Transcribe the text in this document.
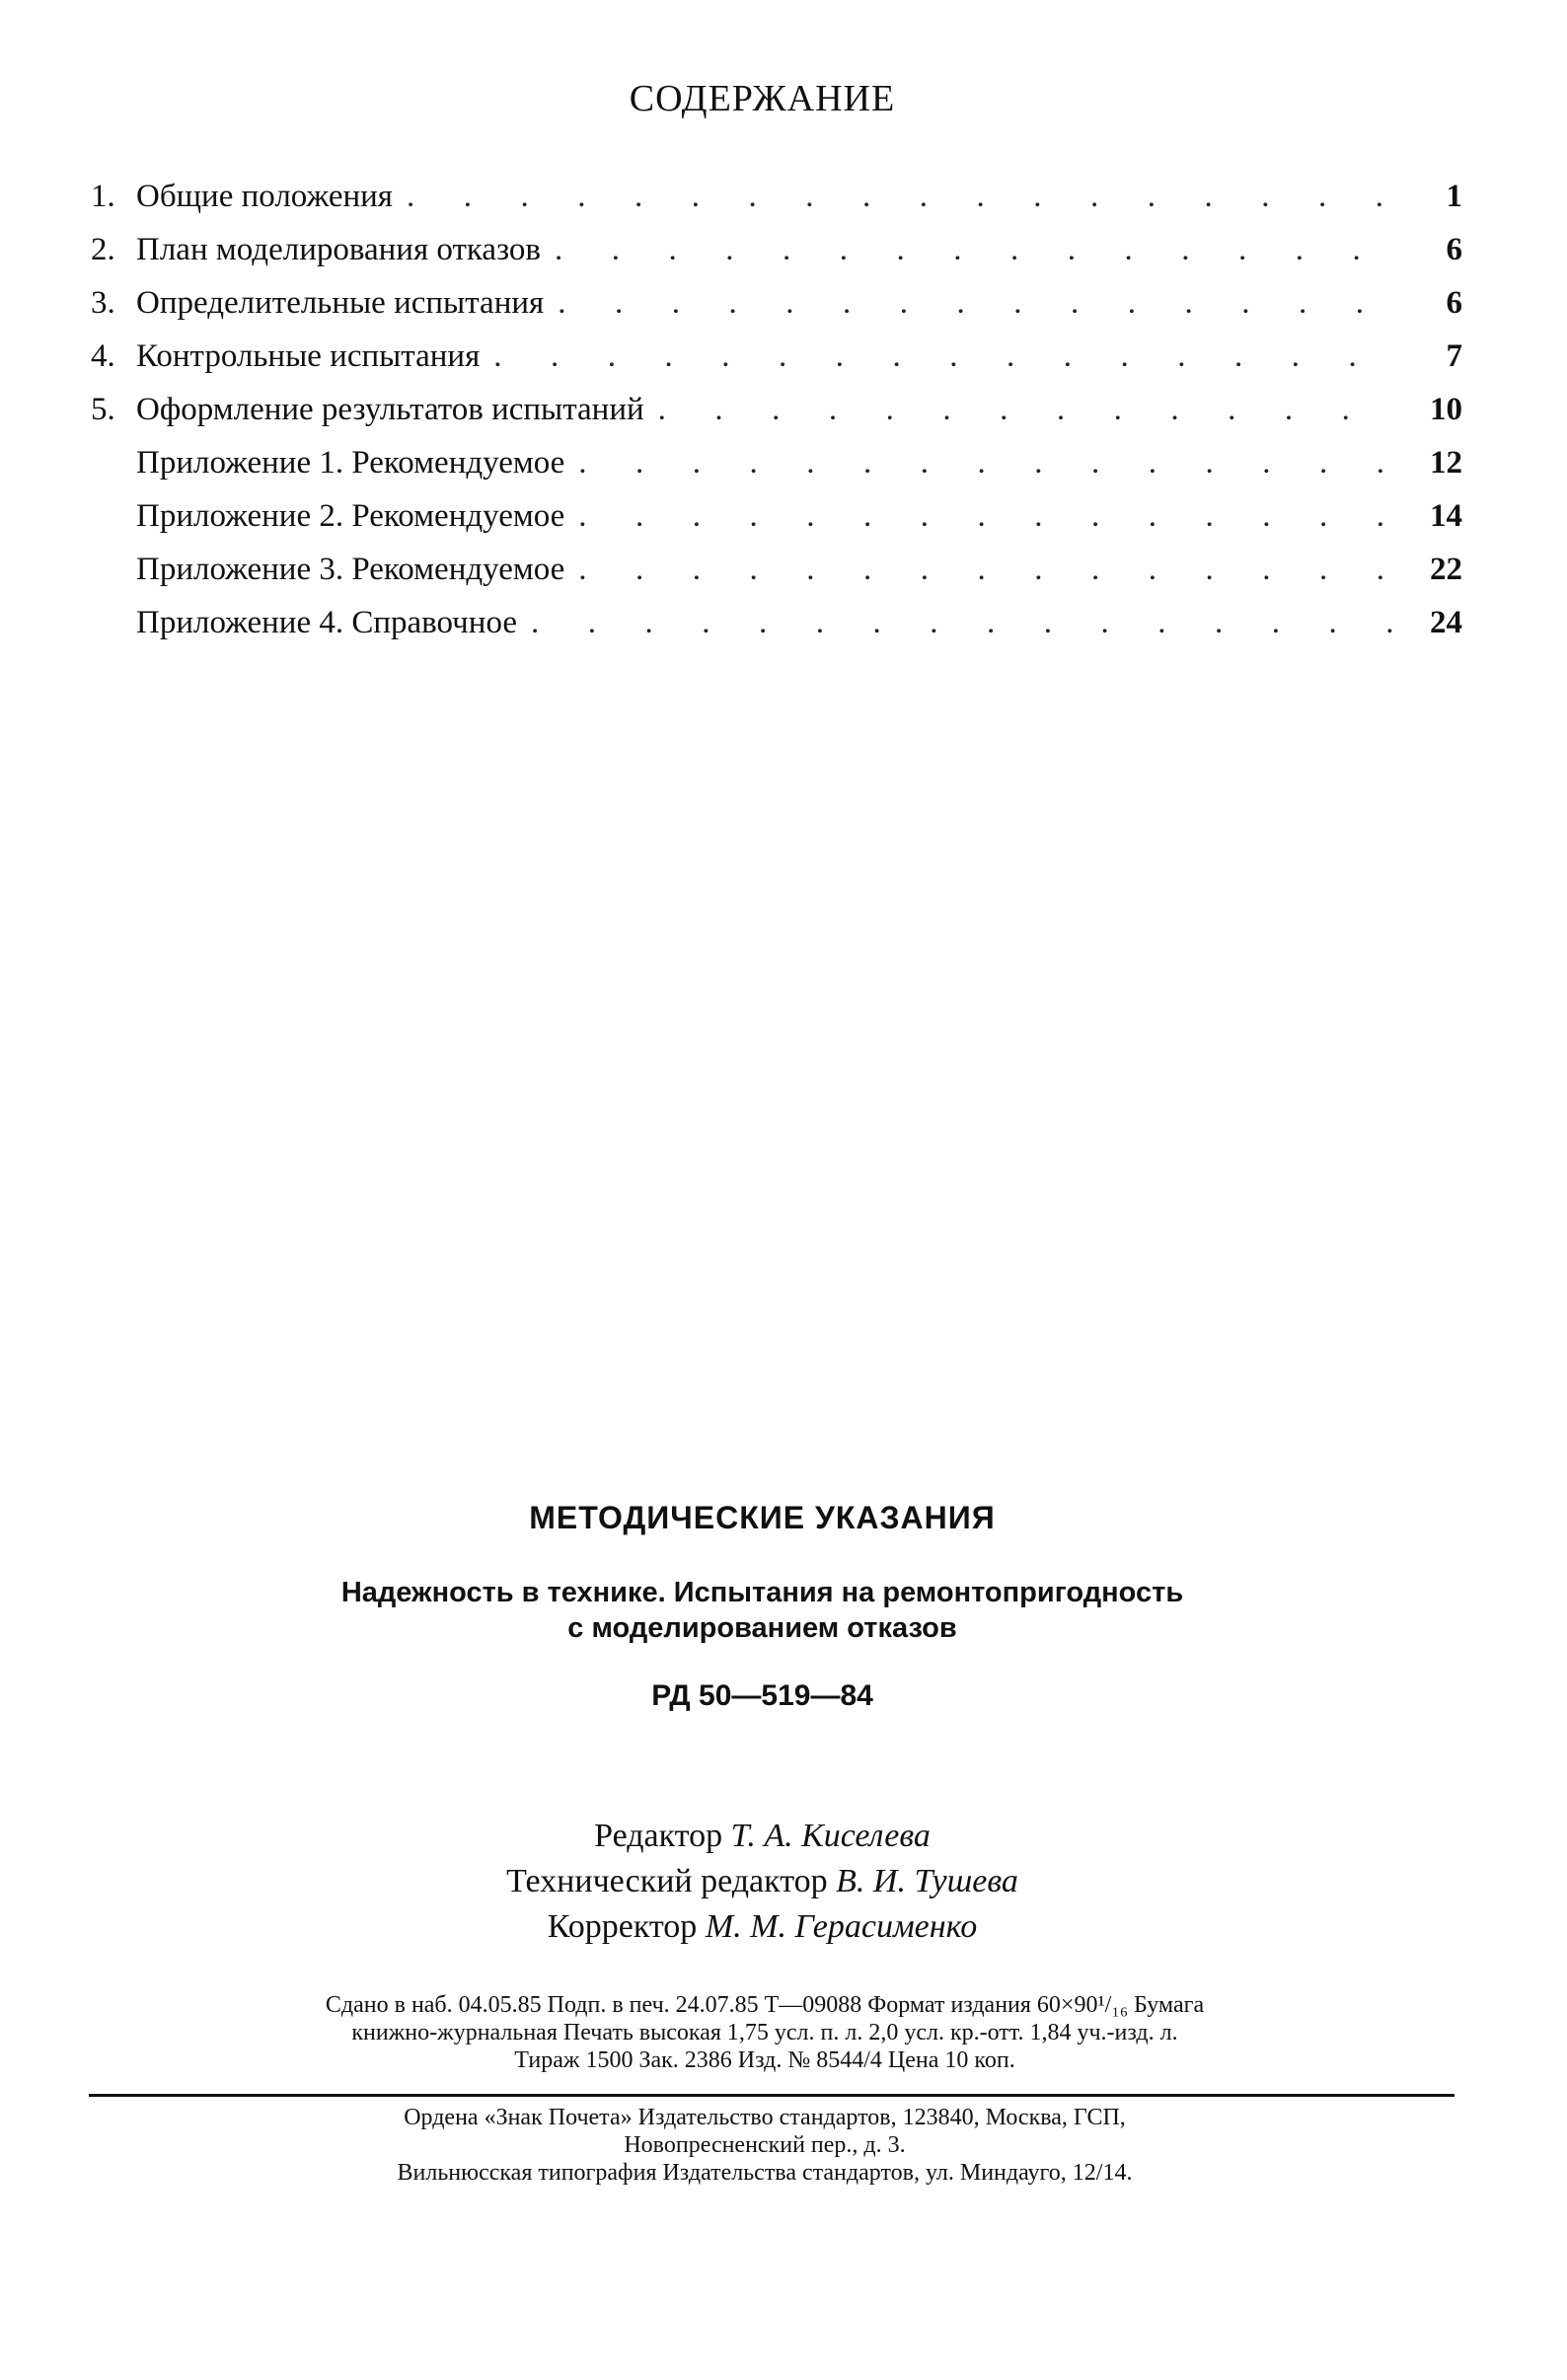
СОДЕРЖАНИЕ
1. Общие положения .	1
2. План моделирования отказов .	6
3. Определительные испытания .	6
4. Контрольные испытания .	7
5. Оформление результатов испытаний .	10
Приложение 1. Рекомендуемое .	12
Приложение 2. Рекомендуемое .	14
Приложение 3. Рекомендуемое .	22
Приложение 4. Справочное .	24
МЕТОДИЧЕСКИЕ УКАЗАНИЯ
Надежность в технике. Испытания на ремонтопригодность
с моделированием отказов
РД 50—519—84
Редактор Т. А. Киселева
Технический редактор В. И. Тушева
Корректор М. М. Герасименко
Сдано в наб. 04.05.85 Подп. в печ. 24.07.85 Т—09088 Формат издания 60×90¹/₁₆ Бумага
книжно-журнальная Печать высокая 1,75 усл. п. л. 2,0 усл. кр.-отт. 1,84 уч.-изд. л.
Тираж 1500 Зак. 2386 Изд. № 8544/4 Цена 10 коп.
Ордена «Знак Почета» Издательство стандартов, 123840, Москва, ГСП,
Новопресненский пер., д. 3.
Вильнюсская типография Издательства стандартов, ул. Миндауго, 12/14.
